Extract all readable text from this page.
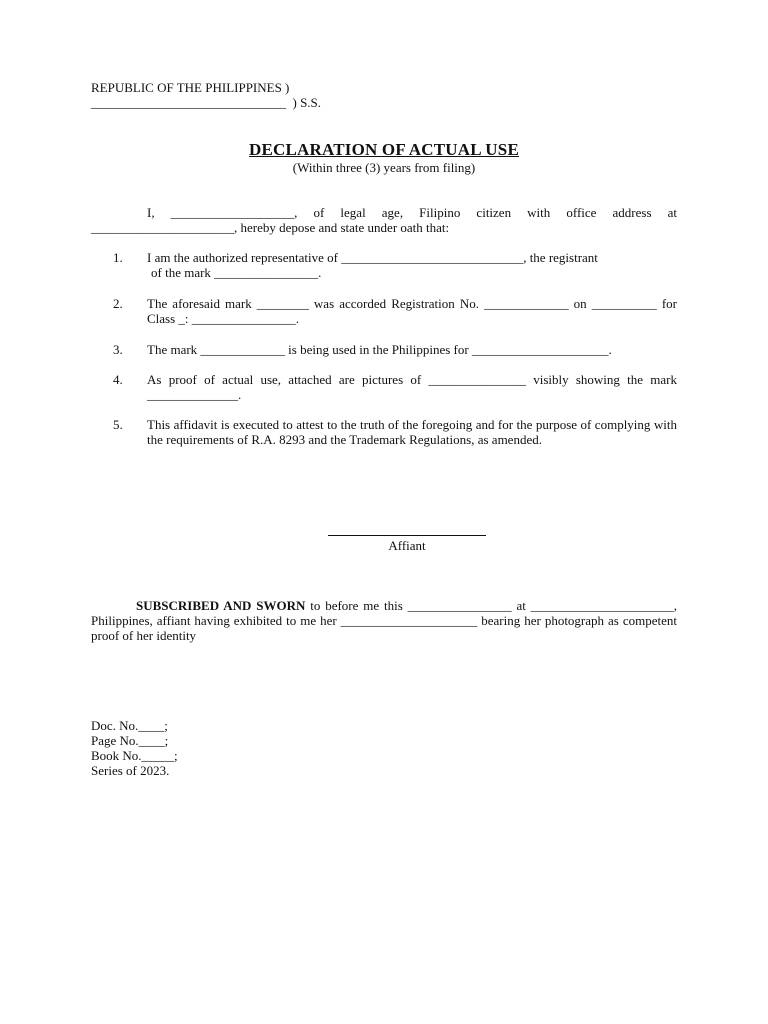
REPUBLIC OF THE PHILIPPINES )
______________________________  ) S.S.
DECLARATION OF ACTUAL USE
(Within three (3) years from filing)
I, ___________________, of legal age, Filipino citizen with office address at ______________________, hereby depose and state under oath that:
1. I am the authorized representative of ____________________________, the registrant
of the mark ________________.
2. The aforesaid mark ________ was accorded Registration No. _____________ on __________ for Class _: ________________.
3. The mark _____________ is being used in the Philippines for _____________________.
4. As proof of actual use, attached are pictures of _______________ visibly showing the mark ______________.
5. This affidavit is executed to attest to the truth of the foregoing and for the purpose of complying with the requirements of R.A. 8293 and the Trademark Regulations, as amended.
Affiant
SUBSCRIBED AND SWORN to before me this ________________ at ______________________, Philippines, affiant having exhibited to me her _____________________ bearing her photograph as competent proof of her identity
Doc. No.____;
Page No.____;
Book No._____;
Series of 2023.
